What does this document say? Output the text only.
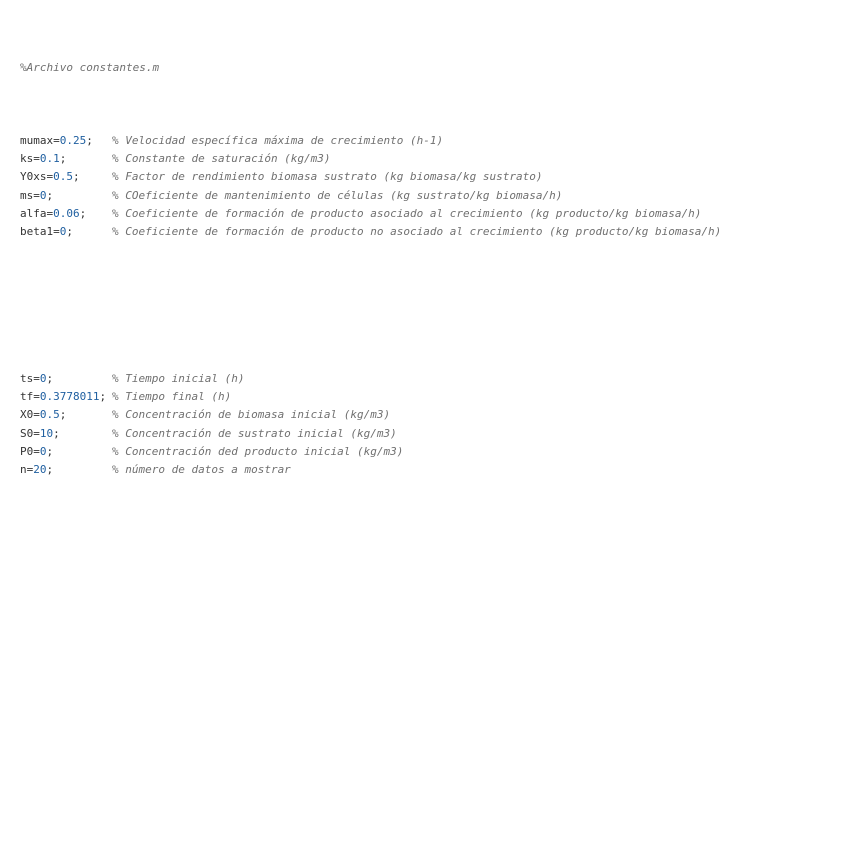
%Archivo constantes.m

mumax=0.25; % Velocidad específica máxima de crecimiento (h-1)
ks=0.1;	% Constante de saturación (kg/m3)
Y0xs=0.5;	% Factor de rendimiento biomasa sustrato (kg biomasa/kg sustrato)
ms=0;	% COeficiente de mantenimiento de células (kg sustrato/kg biomasa/h)
alfa=0.06; % Coeficiente de formación de producto asociado al crecimiento (kg producto/kg biomasa/h)
beta1=0;	% Coeficiente de formación de producto no asociado al crecimiento (kg producto/kg biomasa/h)

ts=0;	% Tiempo inicial (h)
tf=0.3778011; % Tiempo final (h)
X0=0.5;	% Concentración de biomasa inicial (kg/m3)
S0=10;	% Concentración de sustrato inicial (kg/m3)
P0=0;	% Concentración ded producto inicial (kg/m3)
n=20;	% número de datos a mostrar
